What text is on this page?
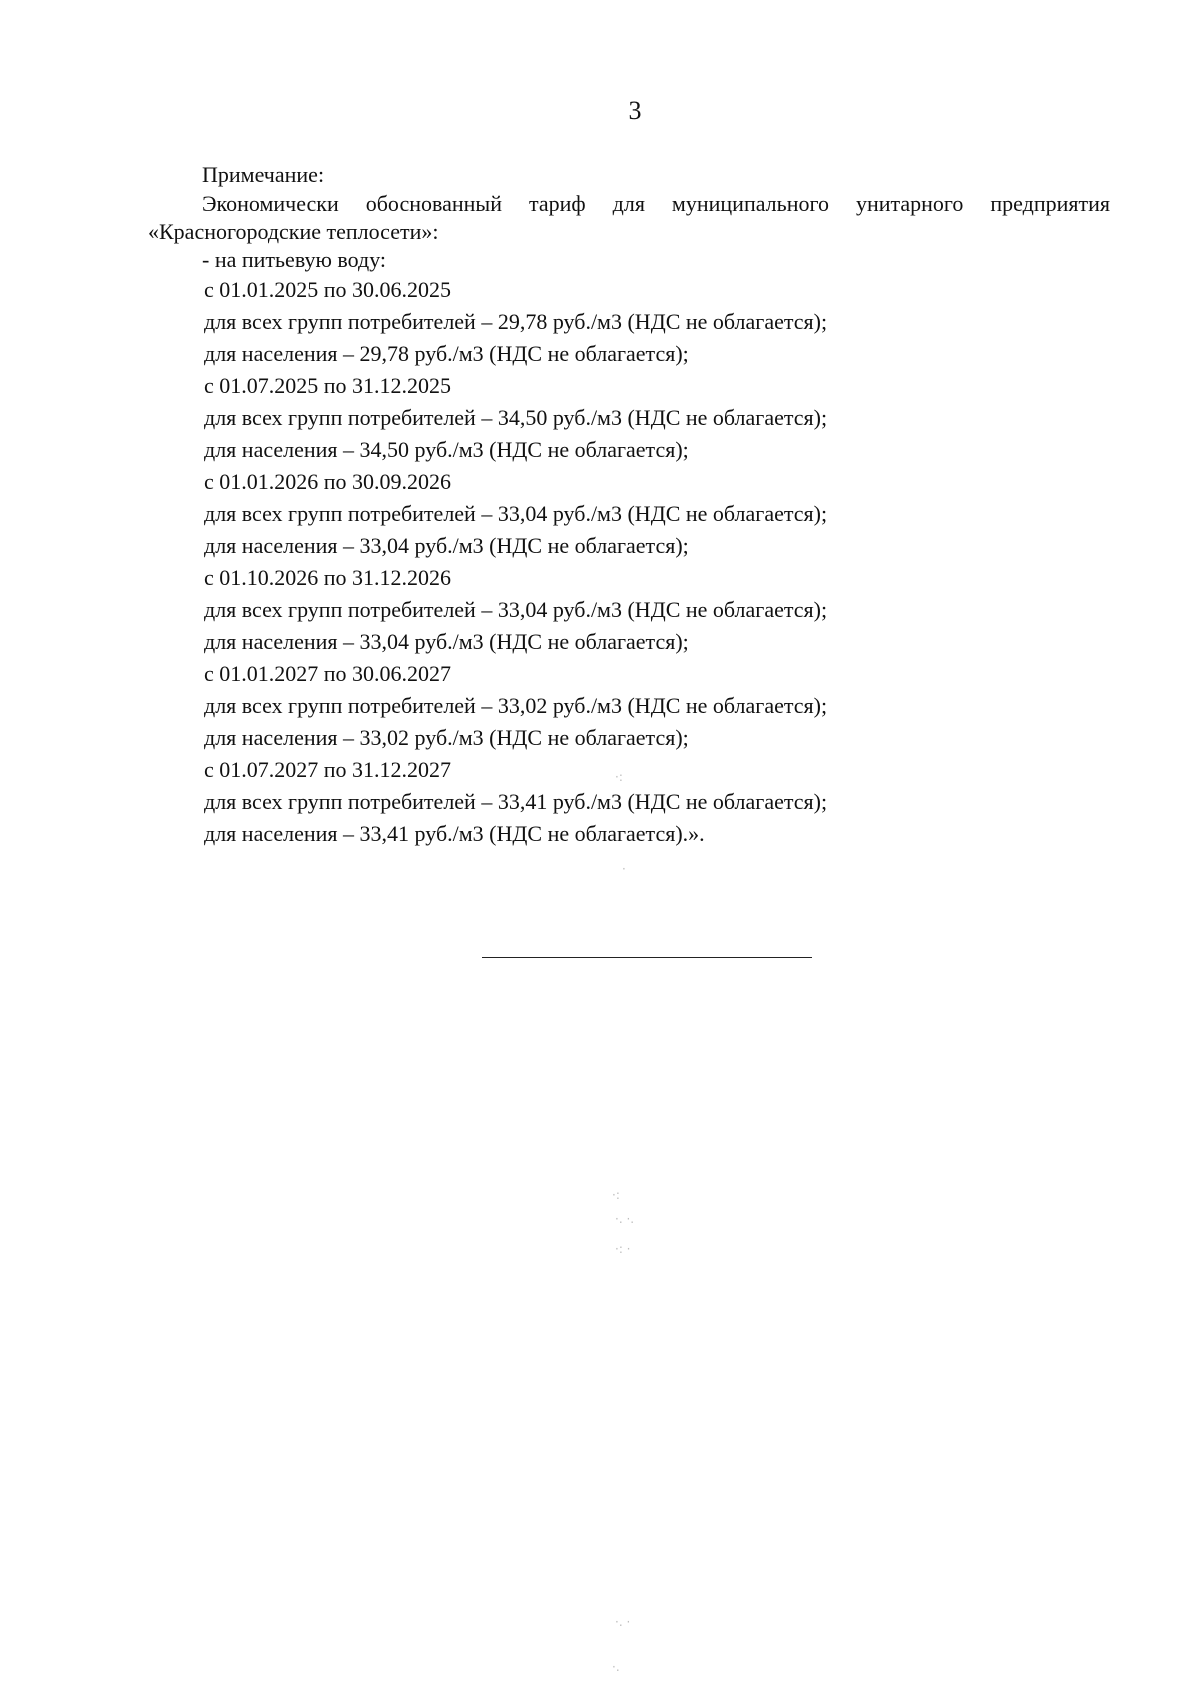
3
Примечание:
Экономически обоснованный тариф для муниципального унитарного предприятия «Красногородские теплосети»:
- на питьевую воду:
с 01.01.2025 по 30.06.2025
для всех групп потребителей – 29,78 руб./м3 (НДС не облагается);
для населения – 29,78 руб./м3 (НДС не облагается);
с 01.07.2025 по 31.12.2025
для всех групп потребителей – 34,50 руб./м3 (НДС не облагается);
для населения – 34,50 руб./м3 (НДС не облагается);
с 01.01.2026 по 30.09.2026
для всех групп потребителей – 33,04 руб./м3 (НДС не облагается);
для населения – 33,04 руб./м3 (НДС не облагается);
с 01.10.2026 по 31.12.2026
для всех групп потребителей – 33,04 руб./м3 (НДС не облагается);
для населения – 33,04 руб./м3 (НДС не облагается);
с 01.01.2027 по 30.06.2027
для всех групп потребителей – 33,02 руб./м3 (НДС не облагается);
для населения – 33,02 руб./м3 (НДС не облагается);
с 01.07.2027 по 31.12.2027
для всех групп потребителей – 33,41 руб./м3 (НДС не облагается);
для населения – 33,41 руб./м3 (НДС не облагается).».
·:
·
·:
·. ·.
·: ·
·. ·
·.
